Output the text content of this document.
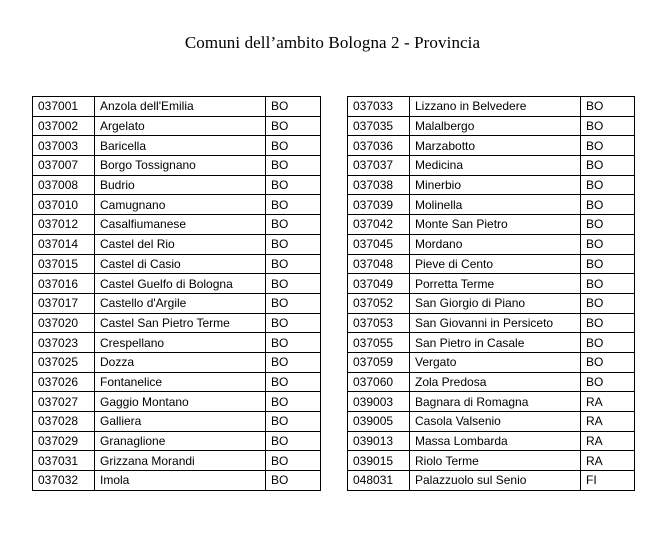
Comuni dell’ambito Bologna 2 - Provincia
037001	Anzola dell'Emilia	BO
037002	Argelato	BO
037003	Baricella	BO
037007	Borgo Tossignano	BO
037008	Budrio	BO
037010	Camugnano	BO
037012	Casalfiumanese	BO
037014	Castel del Rio	BO
037015	Castel di Casio	BO
037016	Castel Guelfo di Bologna	BO
037017	Castello d'Argile	BO
037020	Castel San Pietro Terme	BO
037023	Crespellano	BO
037025	Dozza	BO
037026	Fontanelice	BO
037027	Gaggio Montano	BO
037028	Galliera	BO
037029	Granaglione	BO
037031	Grizzana Morandi	BO
037032	Imola	BO
037033	Lizzano in Belvedere	BO
037035	Malalbergo	BO
037036	Marzabotto	BO
037037	Medicina	BO
037038	Minerbio	BO
037039	Molinella	BO
037042	Monte San Pietro	BO
037045	Mordano	BO
037048	Pieve di Cento	BO
037049	Porretta Terme	BO
037052	San Giorgio di Piano	BO
037053	San Giovanni in Persiceto	BO
037055	San Pietro in Casale	BO
037059	Vergato	BO
037060	Zola Predosa	BO
039003	Bagnara di Romagna	RA
039005	Casola Valsenio	RA
039013	Massa Lombarda	RA
039015	Riolo Terme	RA
048031	Palazzuolo sul Senio	FI
